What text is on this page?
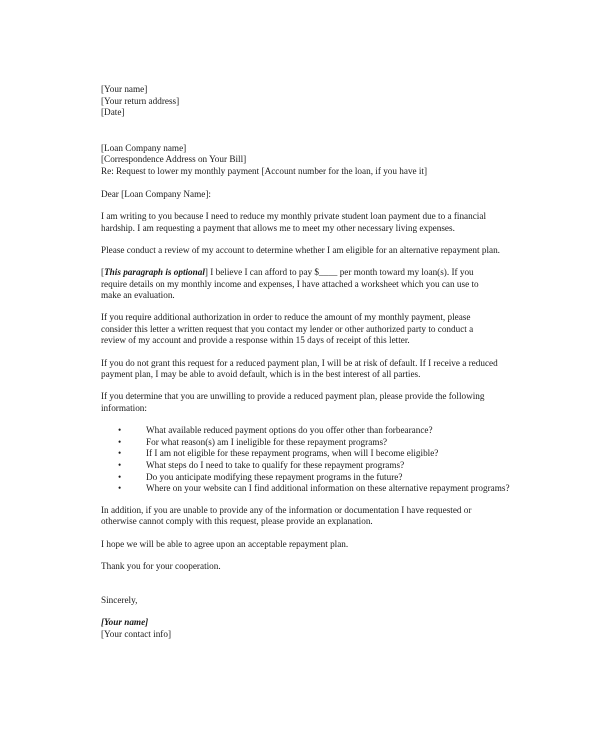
[Your name]
[Your return address]
[Date]
[Loan Company name]
[Correspondence Address on Your Bill]
Re: Request to lower my monthly payment [Account number for the loan, if you have it]

Dear [Loan Company Name]:

I am writing to you because I need to reduce my monthly private student loan payment due to a financial
hardship. I am requesting a payment that allows me to meet my other necessary living expenses.

Please conduct a review of my account to determine whether I am eligible for an alternative repayment plan.

[This paragraph is optional] I believe I can afford to pay $____ per month toward my loan(s). If you
require details on my monthly income and expenses, I have attached a worksheet which you can use to
make an evaluation.

If you require additional authorization in order to reduce the amount of my monthly payment, please
consider this letter a written request that you contact my lender or other authorized party to conduct a
review of my account and provide a response within 15 days of receipt of this letter.

If you do not grant this request for a reduced payment plan, I will be at risk of default. If I receive a reduced
payment plan, I may be able to avoid default, which is in the best interest of all parties.

If you determine that you are unwilling to provide a reduced payment plan, please provide the following
information:

•	What available reduced payment options do you offer other than forbearance?
•	For what reason(s) am I ineligible for these repayment programs?
•	If I am not eligible for these repayment programs, when will I become eligible?
•	What steps do I need to take to qualify for these repayment programs?
•	Do you anticipate modifying these repayment programs in the future?
•	Where on your website can I find additional information on these alternative repayment programs?

In addition, if you are unable to provide any of the information or documentation I have requested or
otherwise cannot comply with this request, please provide an explanation.

I hope we will be able to agree upon an acceptable repayment plan.

Thank you for your cooperation.

Sincerely,

[Your name]
[Your contact info]
